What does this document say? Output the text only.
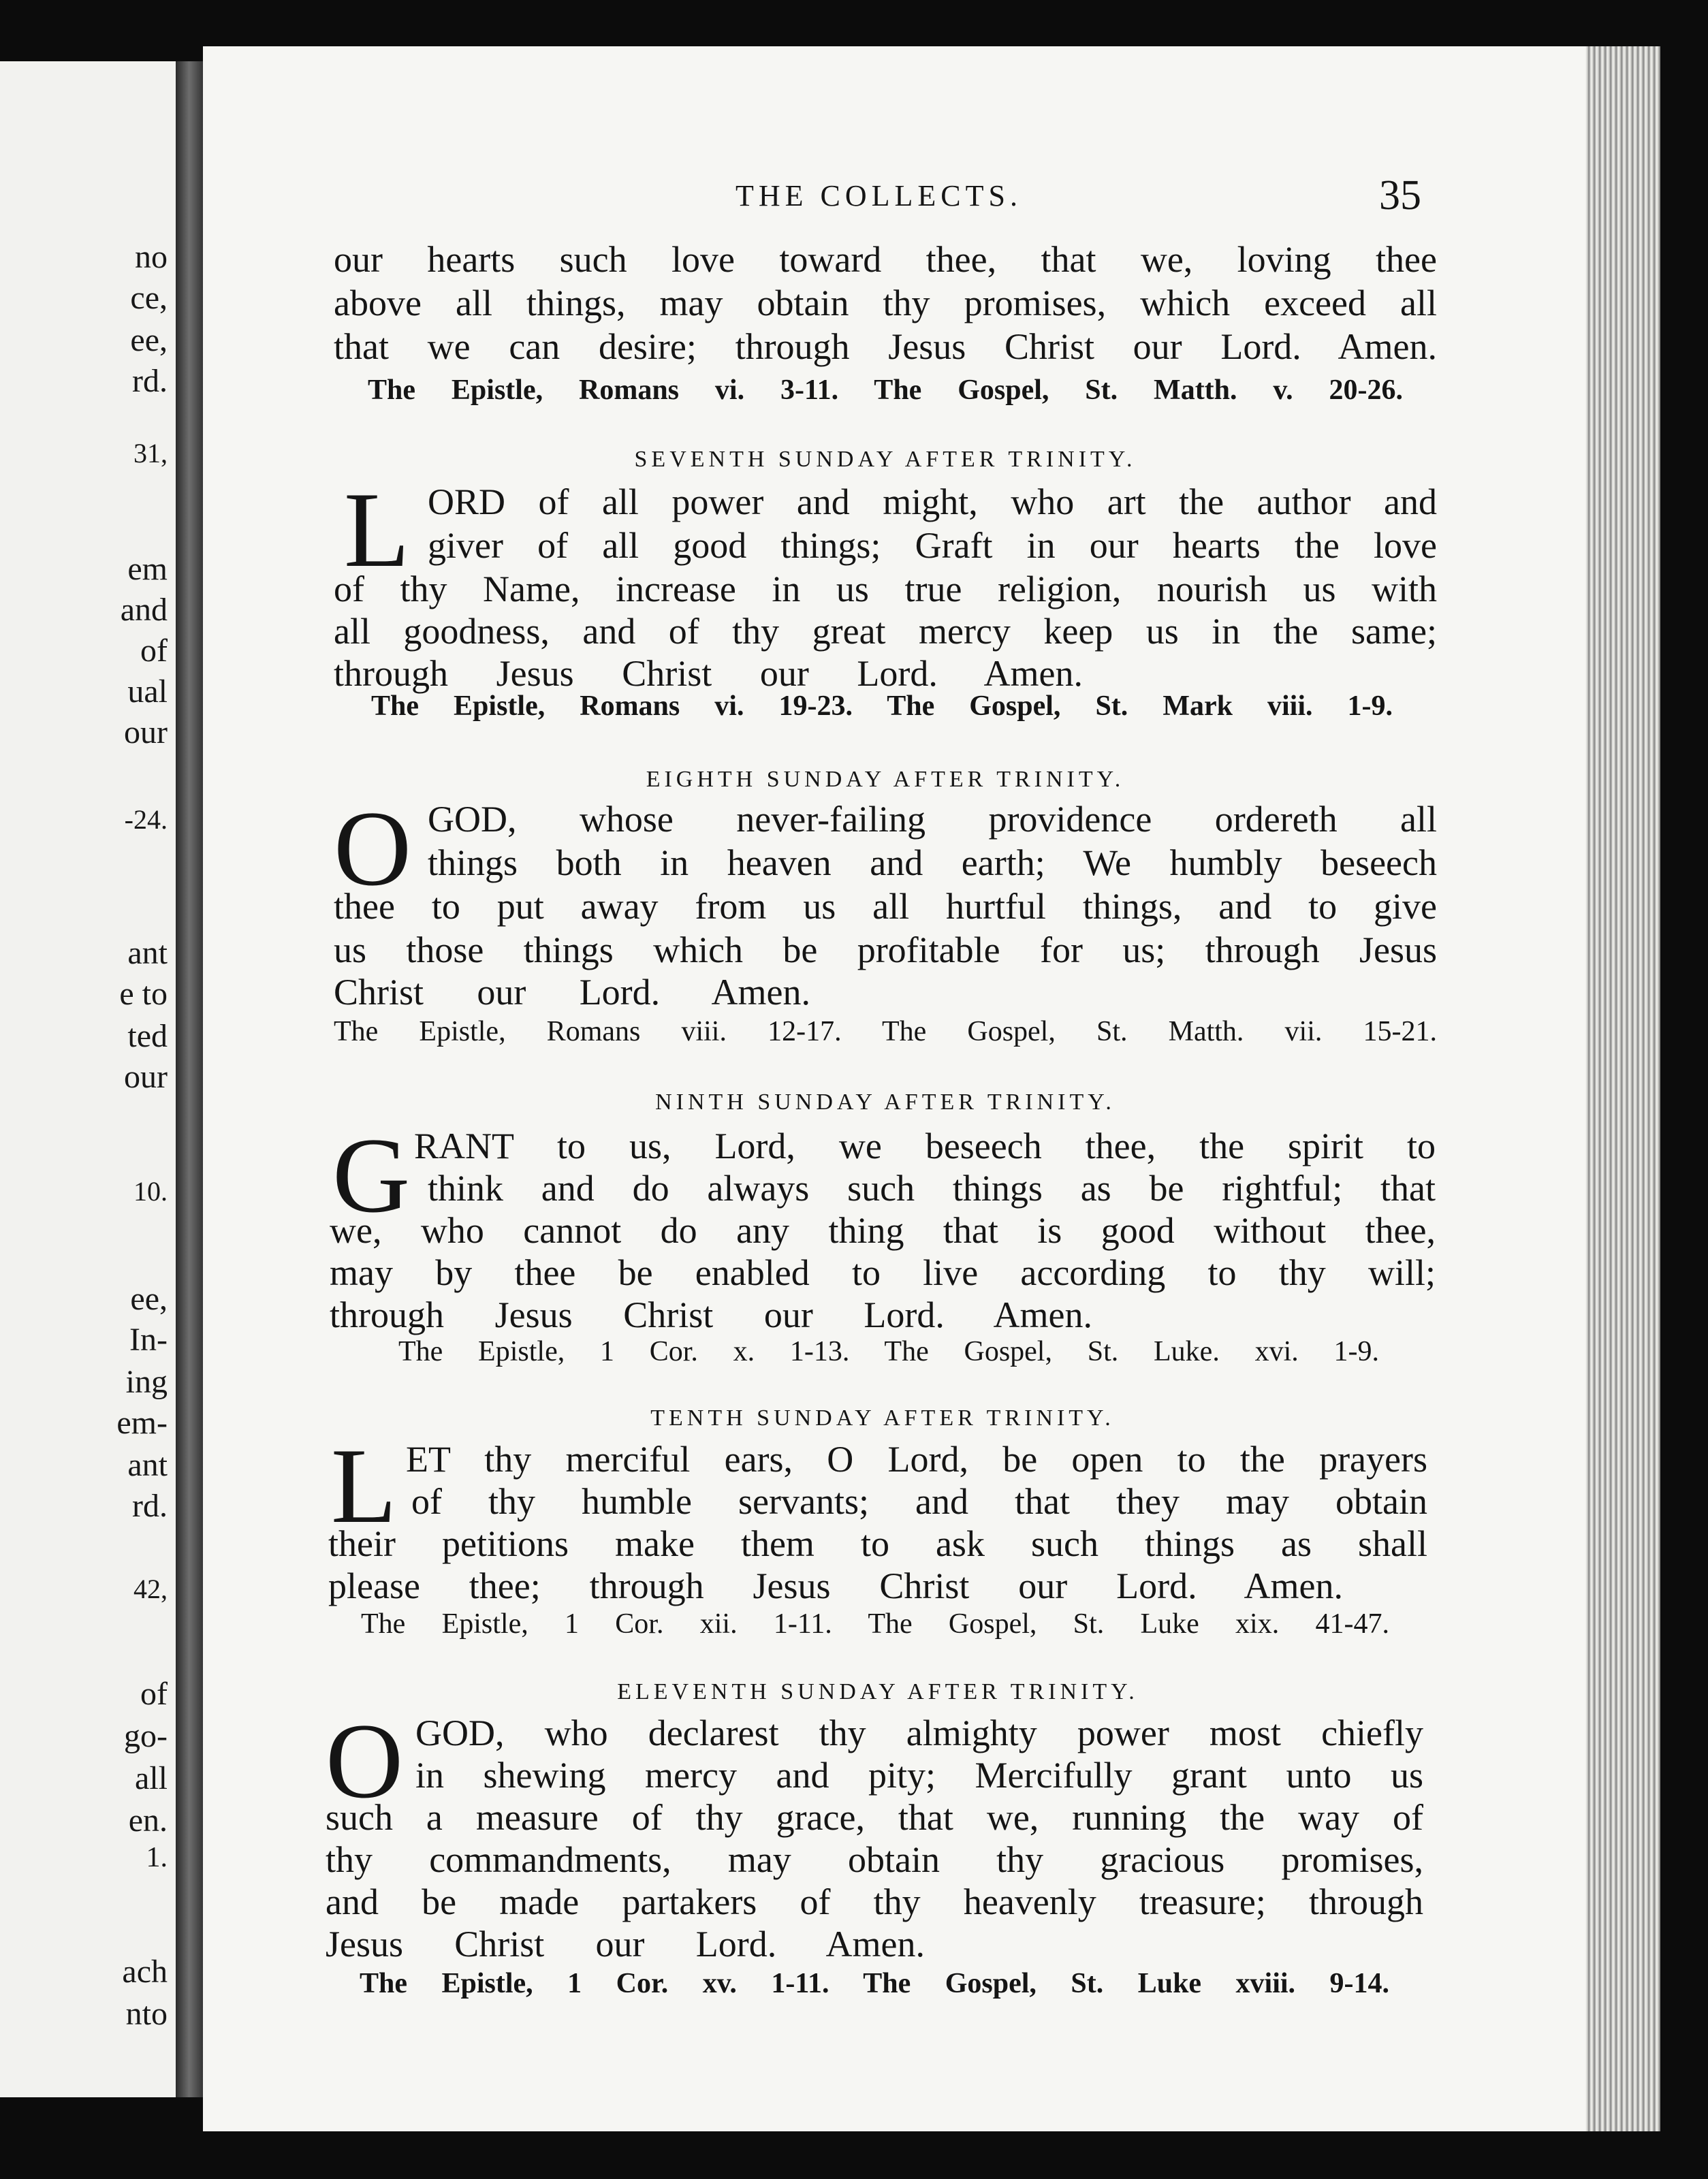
no

ce,

ee,

rd.

31,

em

and

of

ual

our

-24.

ant

e to

ted

our

10.

ee,

In-

ing

em-

ant

rd.

42,

of

go-

all

en.

1.

ach

nto

THE COLLECTS.	35

our hearts such love toward thee, that we, loving thee

above all things, may obtain thy promises, which exceed all

that we can desire; through Jesus Christ our Lord. Amen.

The Epistle, Romans vi. 3-11. The Gospel, St. Matth. v. 20-26.

SEVENTH SUNDAY AFTER TRINITY.
L ORD of all power and might, who art the author and

giver of all good things; Graft in our hearts the love

of thy Name, increase in us true religion, nourish us with

all goodness, and of thy great mercy keep us in the same;

through Jesus Christ our Lord. Amen.

The Epistle, Romans vi. 19-23. The Gospel, St. Mark viii. 1-9.

EIGHTH SUNDAY AFTER TRINITY.
O GOD, whose never-failing providence ordereth all

things both in heaven and earth; We humbly beseech

thee to put away from us all hurtful things, and to give

us those things which be profitable for us; through Jesus

Christ our Lord. Amen.

The Epistle, Romans viii. 12-17. The Gospel, St. Matth. vii. 15-21.

NINTH SUNDAY AFTER TRINITY.
G RANT to us, Lord, we beseech thee, the spirit to

think and do always such things as be rightful; that

we, who cannot do any thing that is good without thee,

may by thee be enabled to live according to thy will;

through Jesus Christ our Lord. Amen.

The Epistle, 1 Cor. x. 1-13. The Gospel, St. Luke. xvi. 1-9.

TENTH SUNDAY AFTER TRINITY.
L ET thy merciful ears, O Lord, be open to the prayers

of thy humble servants; and that they may obtain

their petitions make them to ask such things as shall

please thee; through Jesus Christ our Lord. Amen.

The Epistle, 1 Cor. xii. 1-11. The Gospel, St. Luke xix. 41-47.

ELEVENTH SUNDAY AFTER TRINITY.
O GOD, who declarest thy almighty power most chiefly

in shewing mercy and pity; Mercifully grant unto us

such a measure of thy grace, that we, running the way of

thy commandments, may obtain thy gracious promises,

and be made partakers of thy heavenly treasure; through

Jesus Christ our Lord. Amen.

The Epistle, 1 Cor. xv. 1-11. The Gospel, St. Luke xviii. 9-14.
